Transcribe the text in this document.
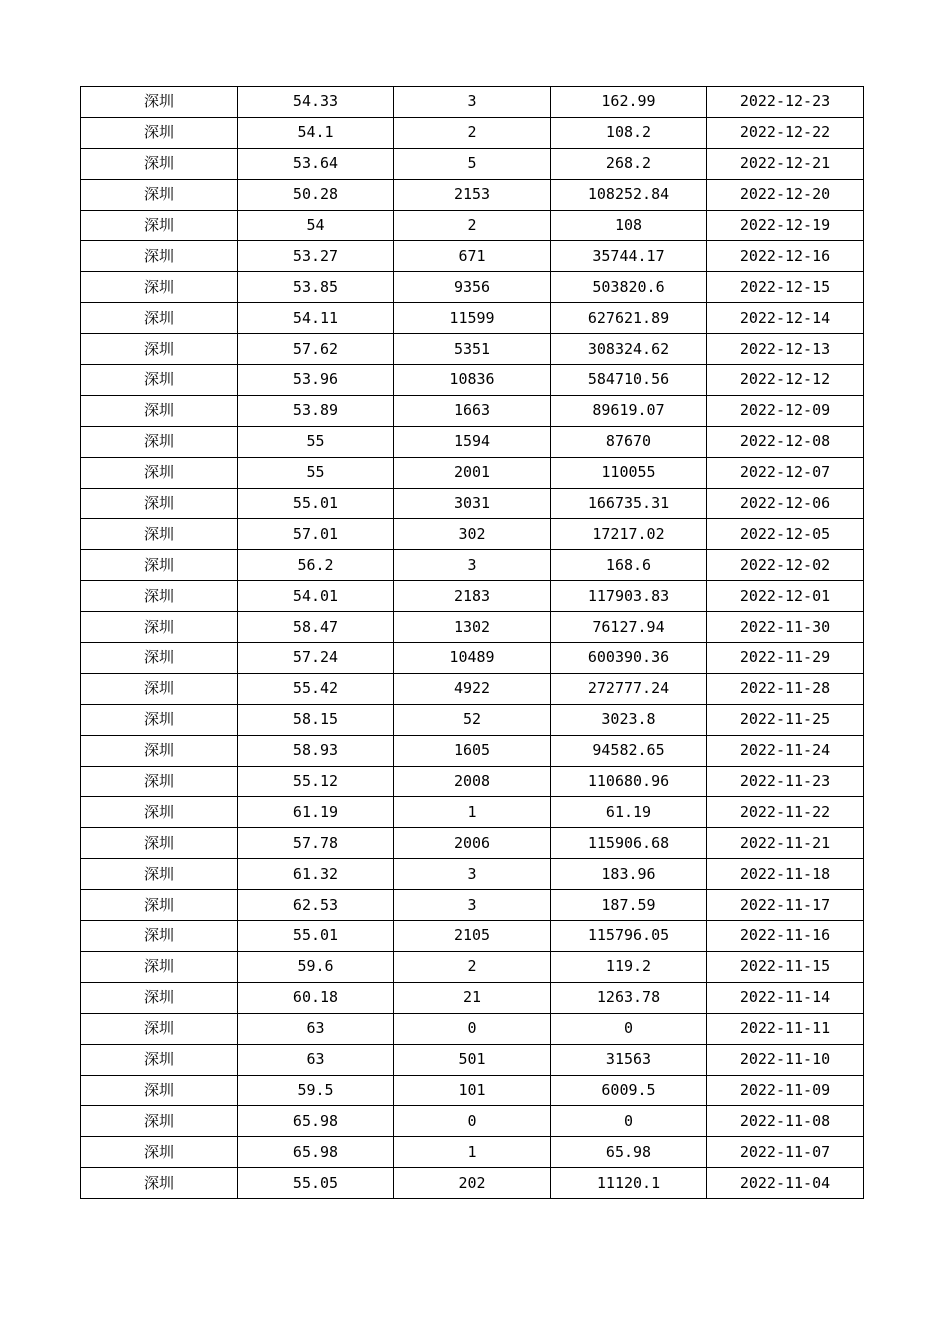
深圳	54.33	3	162.99	2022-12-23
深圳	54.1	2	108.2	2022-12-22
深圳	53.64	5	268.2	2022-12-21
深圳	50.28	2153	108252.84	2022-12-20
深圳	54	2	108	2022-12-19
深圳	53.27	671	35744.17	2022-12-16
深圳	53.85	9356	503820.6	2022-12-15
深圳	54.11	11599	627621.89	2022-12-14
深圳	57.62	5351	308324.62	2022-12-13
深圳	53.96	10836	584710.56	2022-12-12
深圳	53.89	1663	89619.07	2022-12-09
深圳	55	1594	87670	2022-12-08
深圳	55	2001	110055	2022-12-07
深圳	55.01	3031	166735.31	2022-12-06
深圳	57.01	302	17217.02	2022-12-05
深圳	56.2	3	168.6	2022-12-02
深圳	54.01	2183	117903.83	2022-12-01
深圳	58.47	1302	76127.94	2022-11-30
深圳	57.24	10489	600390.36	2022-11-29
深圳	55.42	4922	272777.24	2022-11-28
深圳	58.15	52	3023.8	2022-11-25
深圳	58.93	1605	94582.65	2022-11-24
深圳	55.12	2008	110680.96	2022-11-23
深圳	61.19	1	61.19	2022-11-22
深圳	57.78	2006	115906.68	2022-11-21
深圳	61.32	3	183.96	2022-11-18
深圳	62.53	3	187.59	2022-11-17
深圳	55.01	2105	115796.05	2022-11-16
深圳	59.6	2	119.2	2022-11-15
深圳	60.18	21	1263.78	2022-11-14
深圳	63	0	0	2022-11-11
深圳	63	501	31563	2022-11-10
深圳	59.5	101	6009.5	2022-11-09
深圳	65.98	0	0	2022-11-08
深圳	65.98	1	65.98	2022-11-07
深圳	55.05	202	11120.1	2022-11-04
